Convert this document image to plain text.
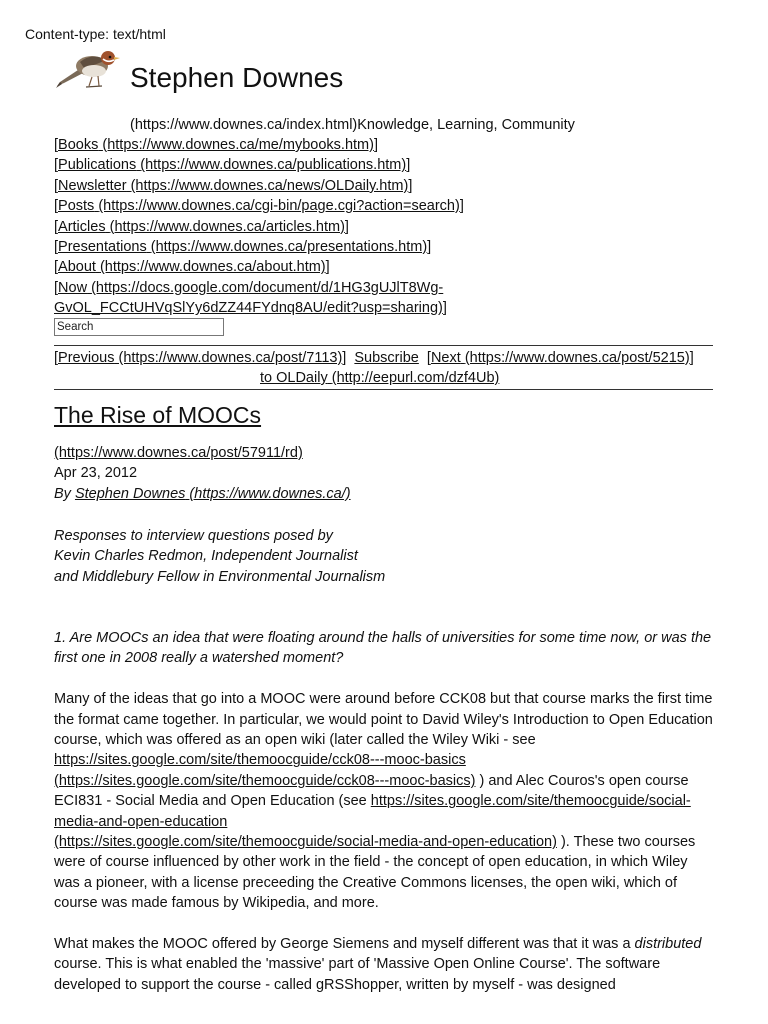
Content-type: text/html
Stephen Downes
(https://www.downes.ca/index.html)Knowledge, Learning, Community
[Books (https://www.downes.ca/me/mybooks.htm)]
[Publications (https://www.downes.ca/publications.htm)]
[Newsletter (https://www.downes.ca/news/OLDaily.htm)]
[Posts (https://www.downes.ca/cgi-bin/page.cgi?action=search)]
[Articles (https://www.downes.ca/articles.htm)]
[Presentations (https://www.downes.ca/presentations.htm)]
[About (https://www.downes.ca/about.htm)]
[Now (https://docs.google.com/document/d/1HG3gUJlT8Wg-
GvOL_FCCtUHVqSlYy6dZZ44FYdnq8AU/edit?usp=sharing)]
Search
[Previous (https://www.downes.ca/post/7113)]  Subscribe  [Next (https://www.downes.ca/post/5215)]
to OLDaily (http://eepurl.com/dzf4Ub)
The Rise of MOOCs
(https://www.downes.ca/post/57911/rd)
Apr 23, 2012
By Stephen Downes (https://www.downes.ca/)
Responses to interview questions posed by
Kevin Charles Redmon, Independent Journalist
and Middlebury Fellow in Environmental Journalism

1. Are MOOCs an idea that were floating around the halls of universities for some time now, or was the first one in 2008 really a watershed moment?

Many of the ideas that go into a MOOC were around before CCK08 but that course marks the first time the format came together. In particular, we would point to David Wiley's Introduction to Open Education course, which was offered as an open wiki (later called the Wiley Wiki - see https://sites.google.com/site/themoocguide/cck08---mooc-basics
(https://sites.google.com/site/themoocguide/cck08---mooc-basics) ) and Alec Couros's open course ECI831 - Social Media and Open Education (see https://sites.google.com/site/themoocguide/social-media-and-open-education
(https://sites.google.com/site/themoocguide/social-media-and-open-education) ). These two courses were of course influenced by other work in the field - the concept of open education, in which Wiley was a pioneer, with a license preceeding the Creative Commons licenses, the open wiki, which of course was made famous by Wikipedia, and more.

What makes the MOOC offered by George Siemens and myself different was that it was a distributed course. This is what enabled the 'massive' part of 'Massive Open Online Course'. The software developed to support the course - called gRSShopper, written by myself - was designed
